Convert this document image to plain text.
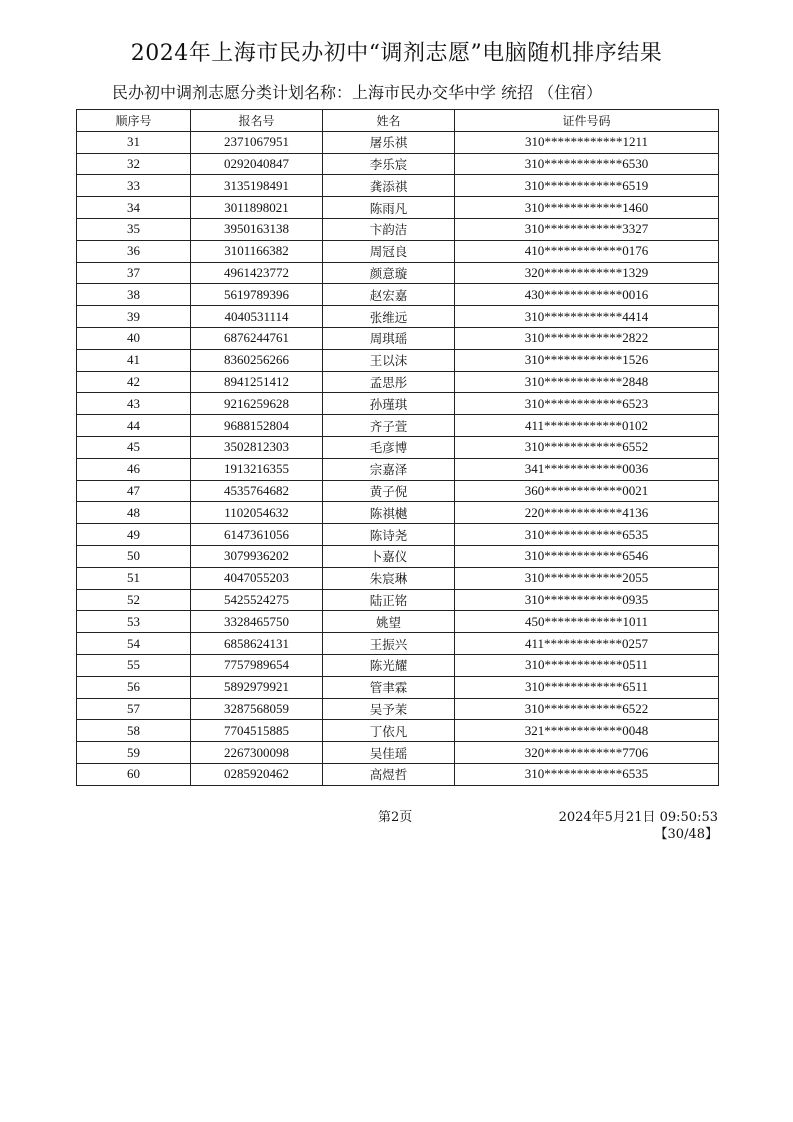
2024年上海市民办初中“调剂志愿”电脑随机排序结果
民办初中调剂志愿分类计划名称：上海市民办交华中学 统招 （住宿）
顺序号	报名号	姓名	证件号码
31	2371067951	屠乐祺	310************1211
32	0292040847	李乐宸	310************6530
33	3135198491	龚添祺	310************6519
34	3011898021	陈雨凡	310************1460
35	3950163138	卞韵洁	310************3327
36	3101166382	周冠良	410************0176
37	4961423772	颜意璇	320************1329
38	5619789396	赵宏嘉	430************0016
39	4040531114	张维远	310************4414
40	6876244761	周琪瑶	310************2822
41	8360256266	王以沫	310************1526
42	8941251412	孟思彤	310************2848
43	9216259628	孙瑾琪	310************6523
44	9688152804	齐子萱	411************0102
45	3502812303	毛彦博	310************6552
46	1913216355	宗嘉泽	341************0036
47	4535764682	黄子倪	360************0021
48	1102054632	陈祺樾	220************4136
49	6147361056	陈诗尧	310************6535
50	3079936202	卜嘉仪	310************6546
51	4047055203	朱宸琳	310************2055
52	5425524275	陆正铭	310************0935
53	3328465750	姚望	450************1011
54	6858624131	王振兴	411************0257
55	7757989654	陈光耀	310************0511
56	5892979921	管聿霖	310************6511
57	3287568059	吴予茉	310************6522
58	7704515885	丁依凡	321************0048
59	2267300098	吴佳瑶	320************7706
60	0285920462	高煜哲	310************6535
第2页	2024年5月21日 09:50:53
【30/48】
